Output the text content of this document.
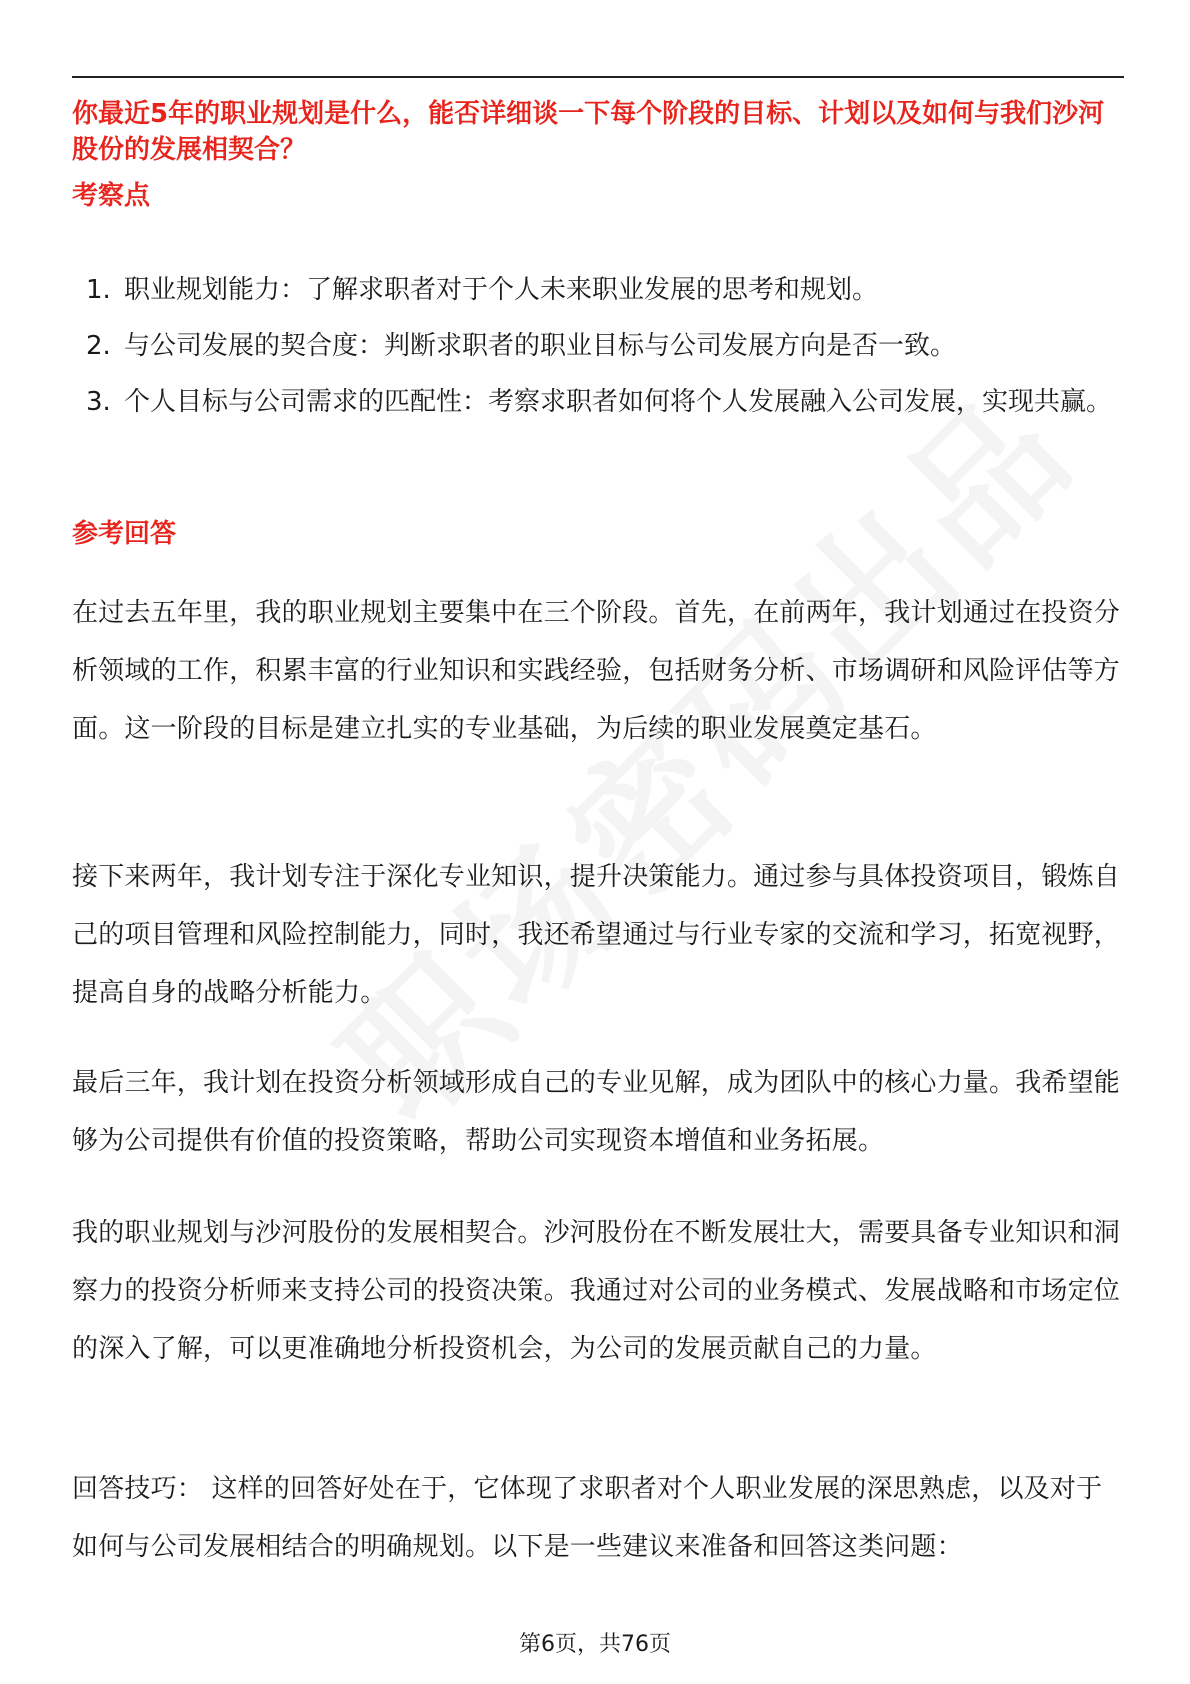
你最近5年的职业规划是什么，能否详细谈一下每个阶段的目标、计划以及如何与我们沙河股份的发展相契合？

考察点

1. 职业规划能力：了解求职者对于个人未来职业发展的思考和规划。
2. 与公司发展的契合度：判断求职者的职业目标与公司发展方向是否一致。
3. 个人目标与公司需求的匹配性：考察求职者如何将个人发展融入公司发展，实现共赢。

参考回答

在过去五年里，我的职业规划主要集中在三个阶段。首先，在前两年，我计划通过在投资分析领域的工作，积累丰富的行业知识和实践经验，包括财务分析、市场调研和风险评估等方面。这一阶段的目标是建立扎实的专业基础，为后续的职业发展奠定基石。

接下来两年，我计划专注于深化专业知识，提升决策能力。通过参与具体投资项目，锻炼自己的项目管理和风险控制能力，同时，我还希望通过与行业专家的交流和学习，拓宽视野，提高自身的战略分析能力。

最后三年，我计划在投资分析领域形成自己的专业见解，成为团队中的核心力量。我希望能够为公司提供有价值的投资策略，帮助公司实现资本增值和业务拓展。

我的职业规划与沙河股份的发展相契合。沙河股份在不断发展壮大，需要具备专业知识和洞察力的投资分析师来支持公司的投资决策。我通过对公司的业务模式、发展战略和市场定位的深入了解，可以更准确地分析投资机会，为公司的发展贡献自己的力量。

回答技巧： 这样的回答好处在于，它体现了求职者对个人职业发展的深思熟虑，以及对于如何与公司发展相结合的明确规划。以下是一些建议来准备和回答这类问题：

第6页，共76页
